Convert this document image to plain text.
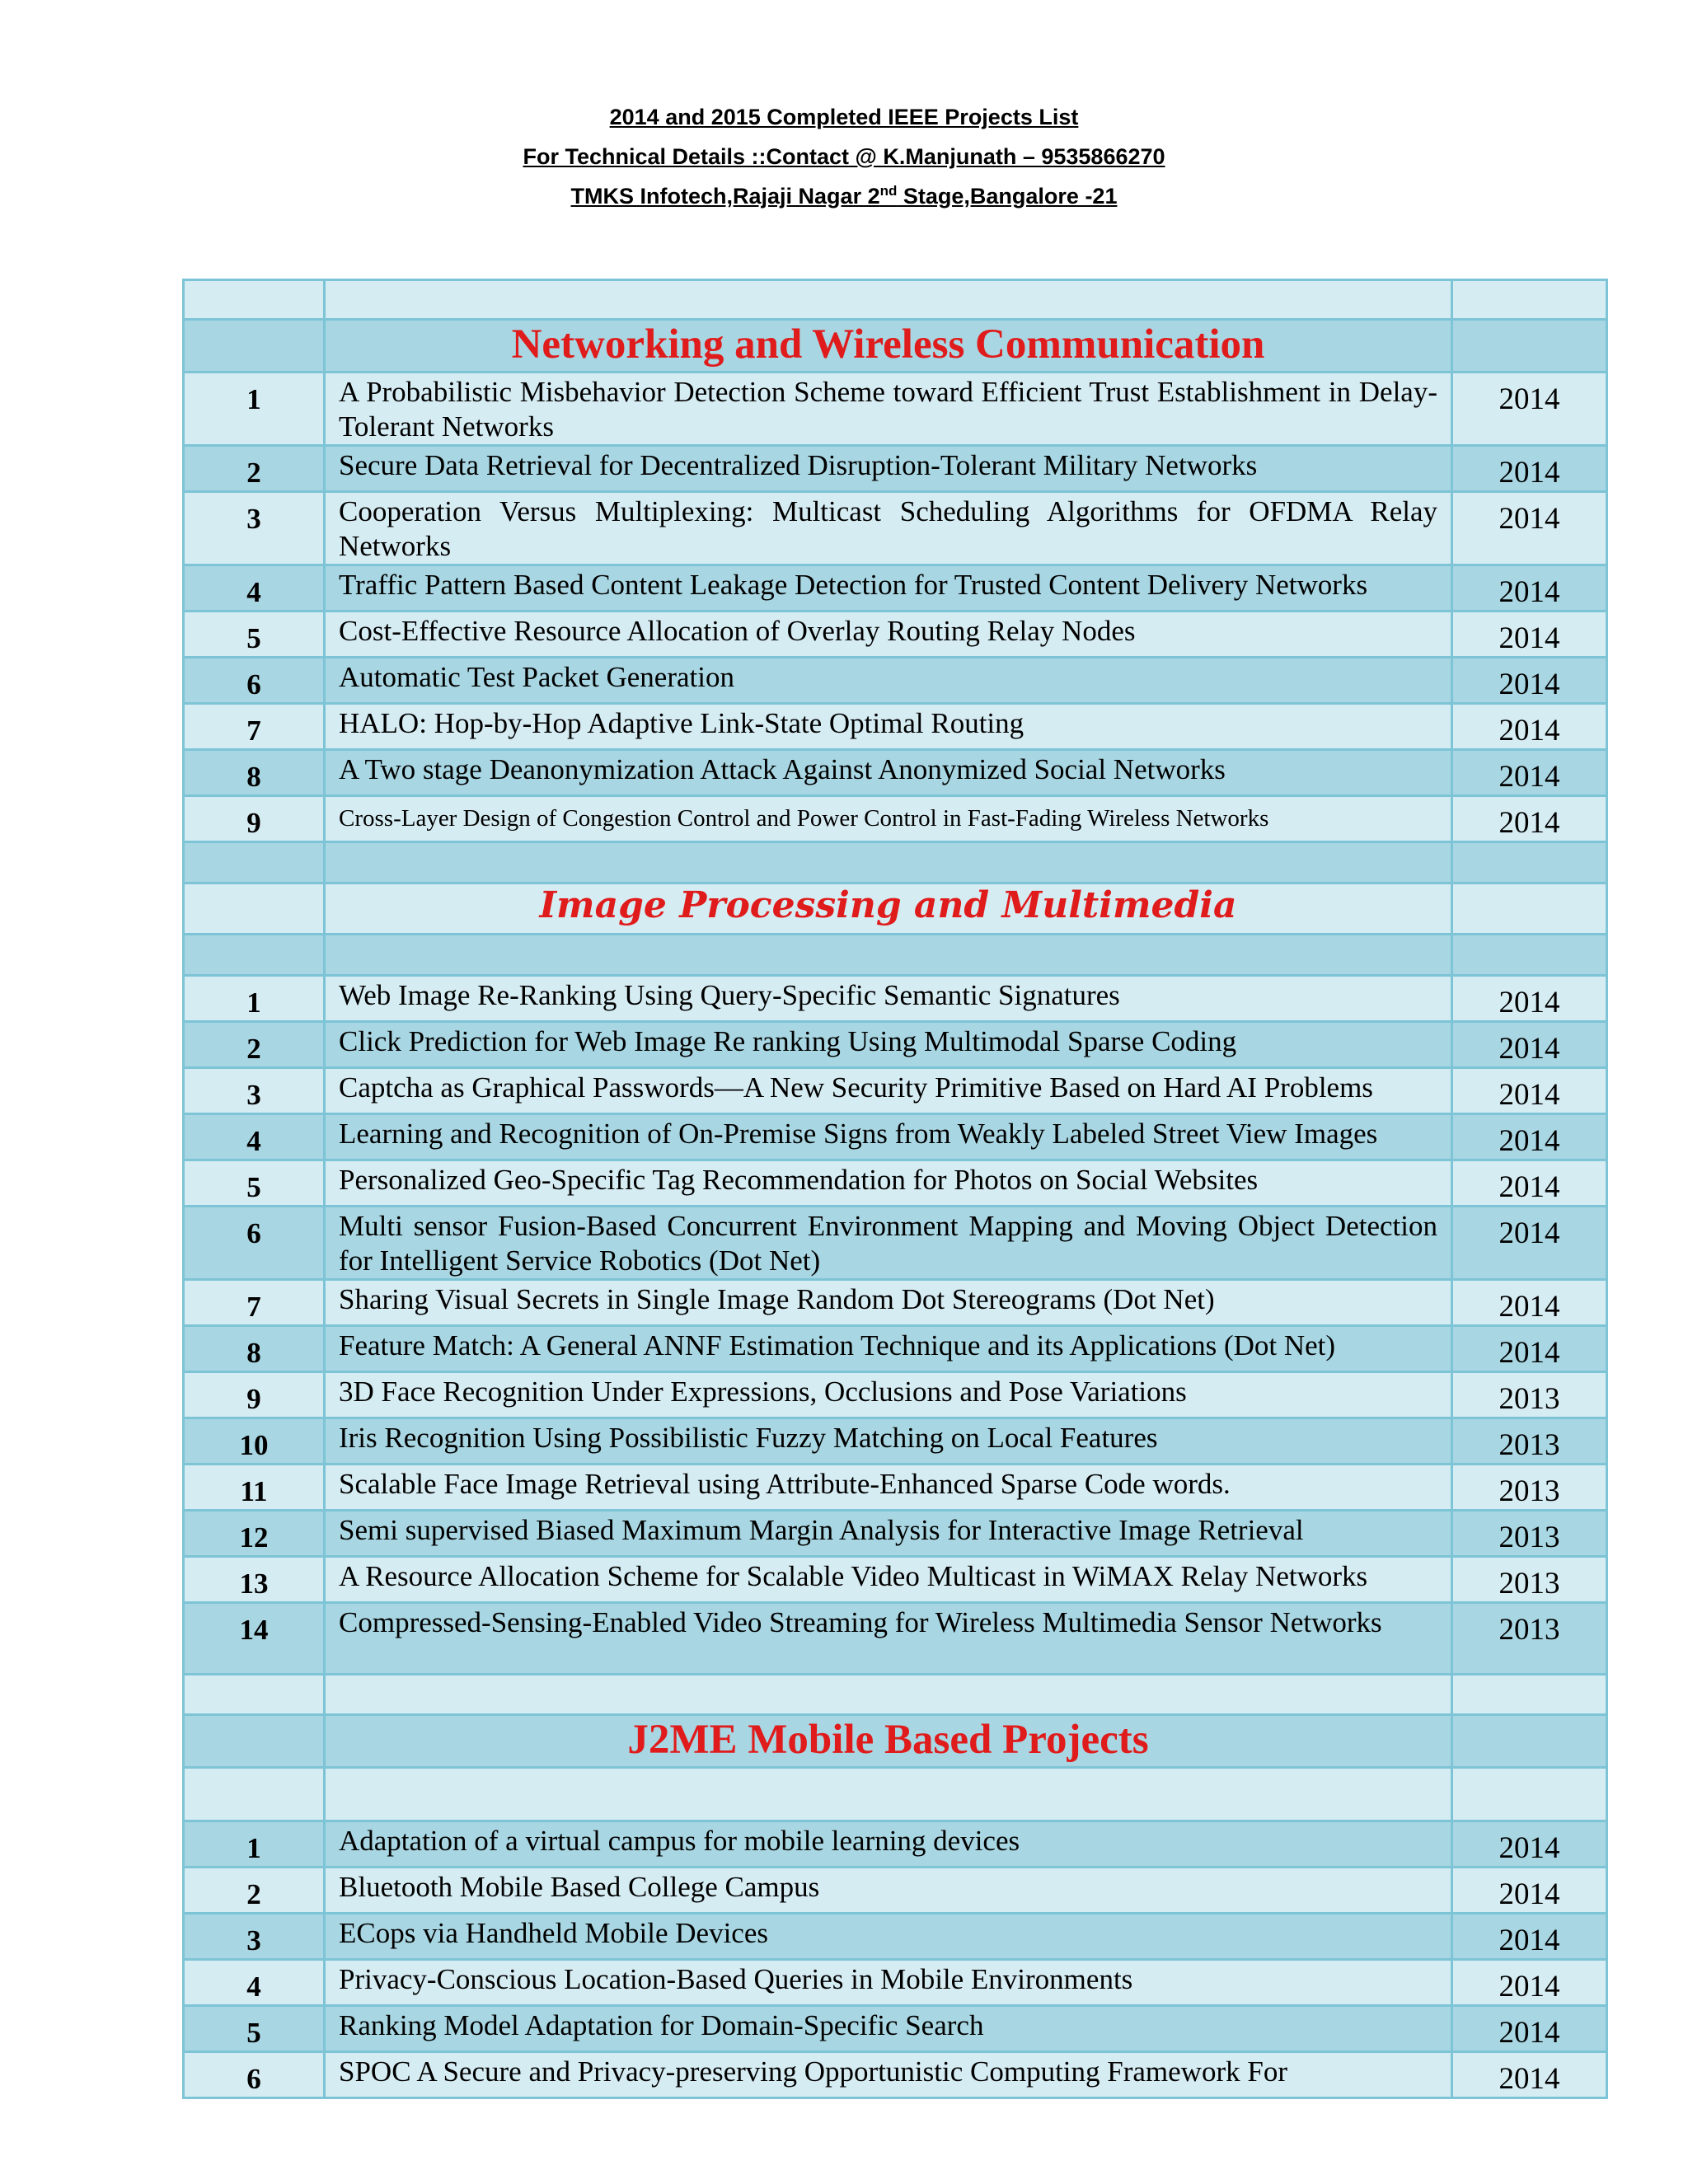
2014 and 2015 Completed IEEE Projects List
For Technical Details ::Contact @ K.Manjunath – 9535866270
TMKS Infotech,Rajaji Nagar 2nd Stage,Bangalore -21

	Networking and Wireless Communication	
1	A Probabilistic Misbehavior Detection Scheme toward Efficient Trust Establishment in Delay-Tolerant Networks	2014
2	Secure Data Retrieval for Decentralized Disruption-Tolerant Military Networks	2014
3	Cooperation Versus Multiplexing: Multicast Scheduling Algorithms for OFDMA Relay Networks	2014
4	Traffic Pattern Based Content Leakage Detection for Trusted Content Delivery Networks	2014
5	Cost-Effective Resource Allocation of Overlay Routing Relay Nodes	2014
6	Automatic Test Packet Generation	2014
7	HALO: Hop-by-Hop Adaptive Link-State Optimal Routing	2014
8	A Two stage Deanonymization Attack Against Anonymized Social Networks	2014
9	Cross-Layer Design of Congestion Control and Power Control in Fast-Fading Wireless Networks	2014

	Image Processing and Multimedia	

1	Web Image Re-Ranking Using Query-Specific Semantic Signatures	2014
2	Click Prediction for Web Image Re ranking Using Multimodal Sparse Coding	2014
3	Captcha as Graphical Passwords—A New Security Primitive Based on Hard AI Problems	2014
4	Learning and Recognition of On-Premise Signs from Weakly Labeled Street View Images	2014
5	Personalized Geo-Specific Tag Recommendation for Photos on Social Websites	2014
6	Multi sensor Fusion-Based Concurrent Environment Mapping and Moving Object Detection for Intelligent Service Robotics (Dot Net)	2014
7	Sharing Visual Secrets in Single Image Random Dot Stereograms (Dot Net)	2014
8	Feature Match: A General ANNF Estimation Technique and its Applications (Dot Net)	2014
9	3D Face Recognition Under Expressions, Occlusions and Pose Variations	2013
10	Iris Recognition Using Possibilistic Fuzzy Matching on Local Features	2013
11	Scalable Face Image Retrieval using Attribute-Enhanced Sparse Code words.	2013
12	Semi supervised Biased Maximum Margin Analysis for Interactive Image Retrieval	2013
13	A Resource Allocation Scheme for Scalable Video Multicast in WiMAX Relay Networks	2013
14	Compressed-Sensing-Enabled Video Streaming for Wireless Multimedia Sensor Networks	2013

	J2ME Mobile Based Projects	

1	Adaptation of a virtual campus for mobile learning devices	2014
2	Bluetooth Mobile Based College Campus	2014
3	ECops via Handheld Mobile Devices	2014
4	Privacy-Conscious Location-Based Queries in Mobile Environments	2014
5	Ranking Model Adaptation for Domain-Specific Search	2014
6	SPOC A Secure and Privacy-preserving Opportunistic Computing Framework For	2014
